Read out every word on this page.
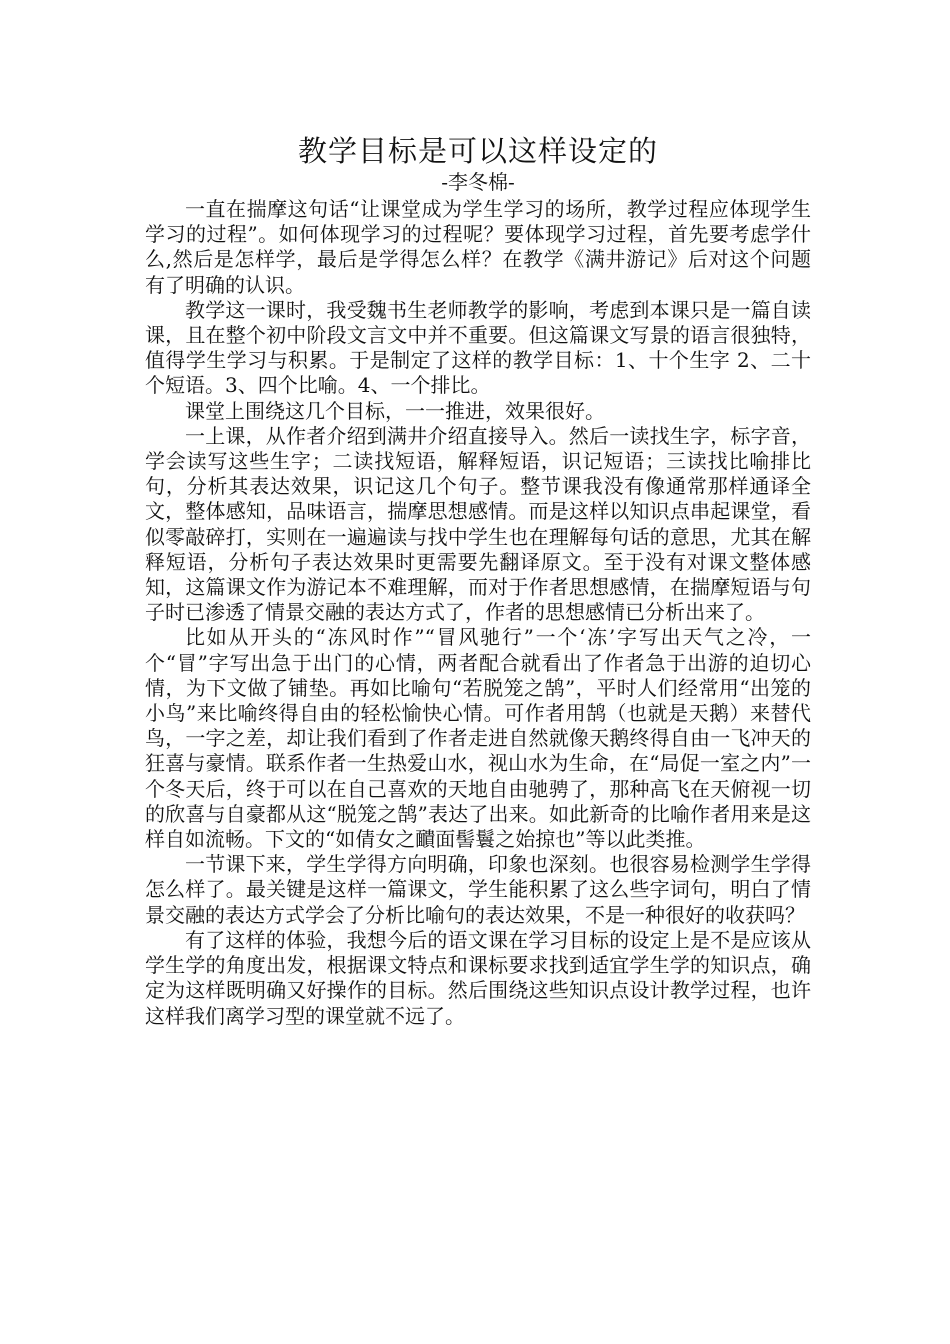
教学目标是可以这样设定的
-李冬棉-

一直在揣摩这句话“让课堂成为学生学习的场所，教学过程应体现学生学习的过程”。如何体现学习的过程呢？要体现学习过程，首先要考虑学什么,然后是怎样学，最后是学得怎么样？在教学《满井游记》后对这个问题有了明确的认识。

教学这一课时，我受魏书生老师教学的影响，考虑到本课只是一篇自读课，且在整个初中阶段文言文中并不重要。但这篇课文写景的语言很独特，值得学生学习与积累。于是制定了这样的教学目标：1、十个生字 2、二十个短语。3、四个比喻。4、一个排比。

课堂上围绕这几个目标，一一推进，效果很好。

一上课，从作者介绍到满井介绍直接导入。然后一读找生字，标字音，学会读写这些生字；二读找短语，解释短语，识记短语；三读找比喻排比句，分析其表达效果，识记这几个句子。整节课我没有像通常那样通译全文，整体感知，品味语言，揣摩思想感情。而是这样以知识点串起课堂，看似零敲碎打，实则在一遍遍读与找中学生也在理解每句话的意思，尤其在解释短语，分析句子表达效果时更需要先翻译原文。至于没有对课文整体感知，这篇课文作为游记本不难理解，而对于作者思想感情，在揣摩短语与句子时已渗透了情景交融的表达方式了，作者的思想感情已分析出来了。

比如从开头的“冻风时作”“冒风驰行”一个‘冻’字写出天气之冷，一个“冒”字写出急于出门的心情，两者配合就看出了作者急于出游的迫切心情，为下文做了铺垫。再如比喻句“若脱笼之鹄”，平时人们经常用“出笼的小鸟”来比喻终得自由的轻松愉快心情。可作者用鹄（也就是天鹅）来替代鸟，一字之差，却让我们看到了作者走进自然就像天鹅终得自由一飞冲天的狂喜与豪情。联系作者一生热爱山水，视山水为生命，在“局促一室之内”一个冬天后，终于可以在自己喜欢的天地自由驰骋了，那种高飞在天俯视一切的欣喜与自豪都从这“脱笼之鹄”表达了出来。如此新奇的比喻作者用来是这样自如流畅。下文的“如倩女之靧面髻鬟之始掠也”等以此类推。

一节课下来，学生学得方向明确，印象也深刻。也很容易检测学生学得怎么样了。最关键是这样一篇课文，学生能积累了这么些字词句，明白了情景交融的表达方式学会了分析比喻句的表达效果，不是一种很好的收获吗？

有了这样的体验，我想今后的语文课在学习目标的设定上是不是应该从学生学的角度出发，根据课文特点和课标要求找到适宜学生学的知识点，确定为这样既明确又好操作的目标。然后围绕这些知识点设计教学过程，也许这样我们离学习型的课堂就不远了。
